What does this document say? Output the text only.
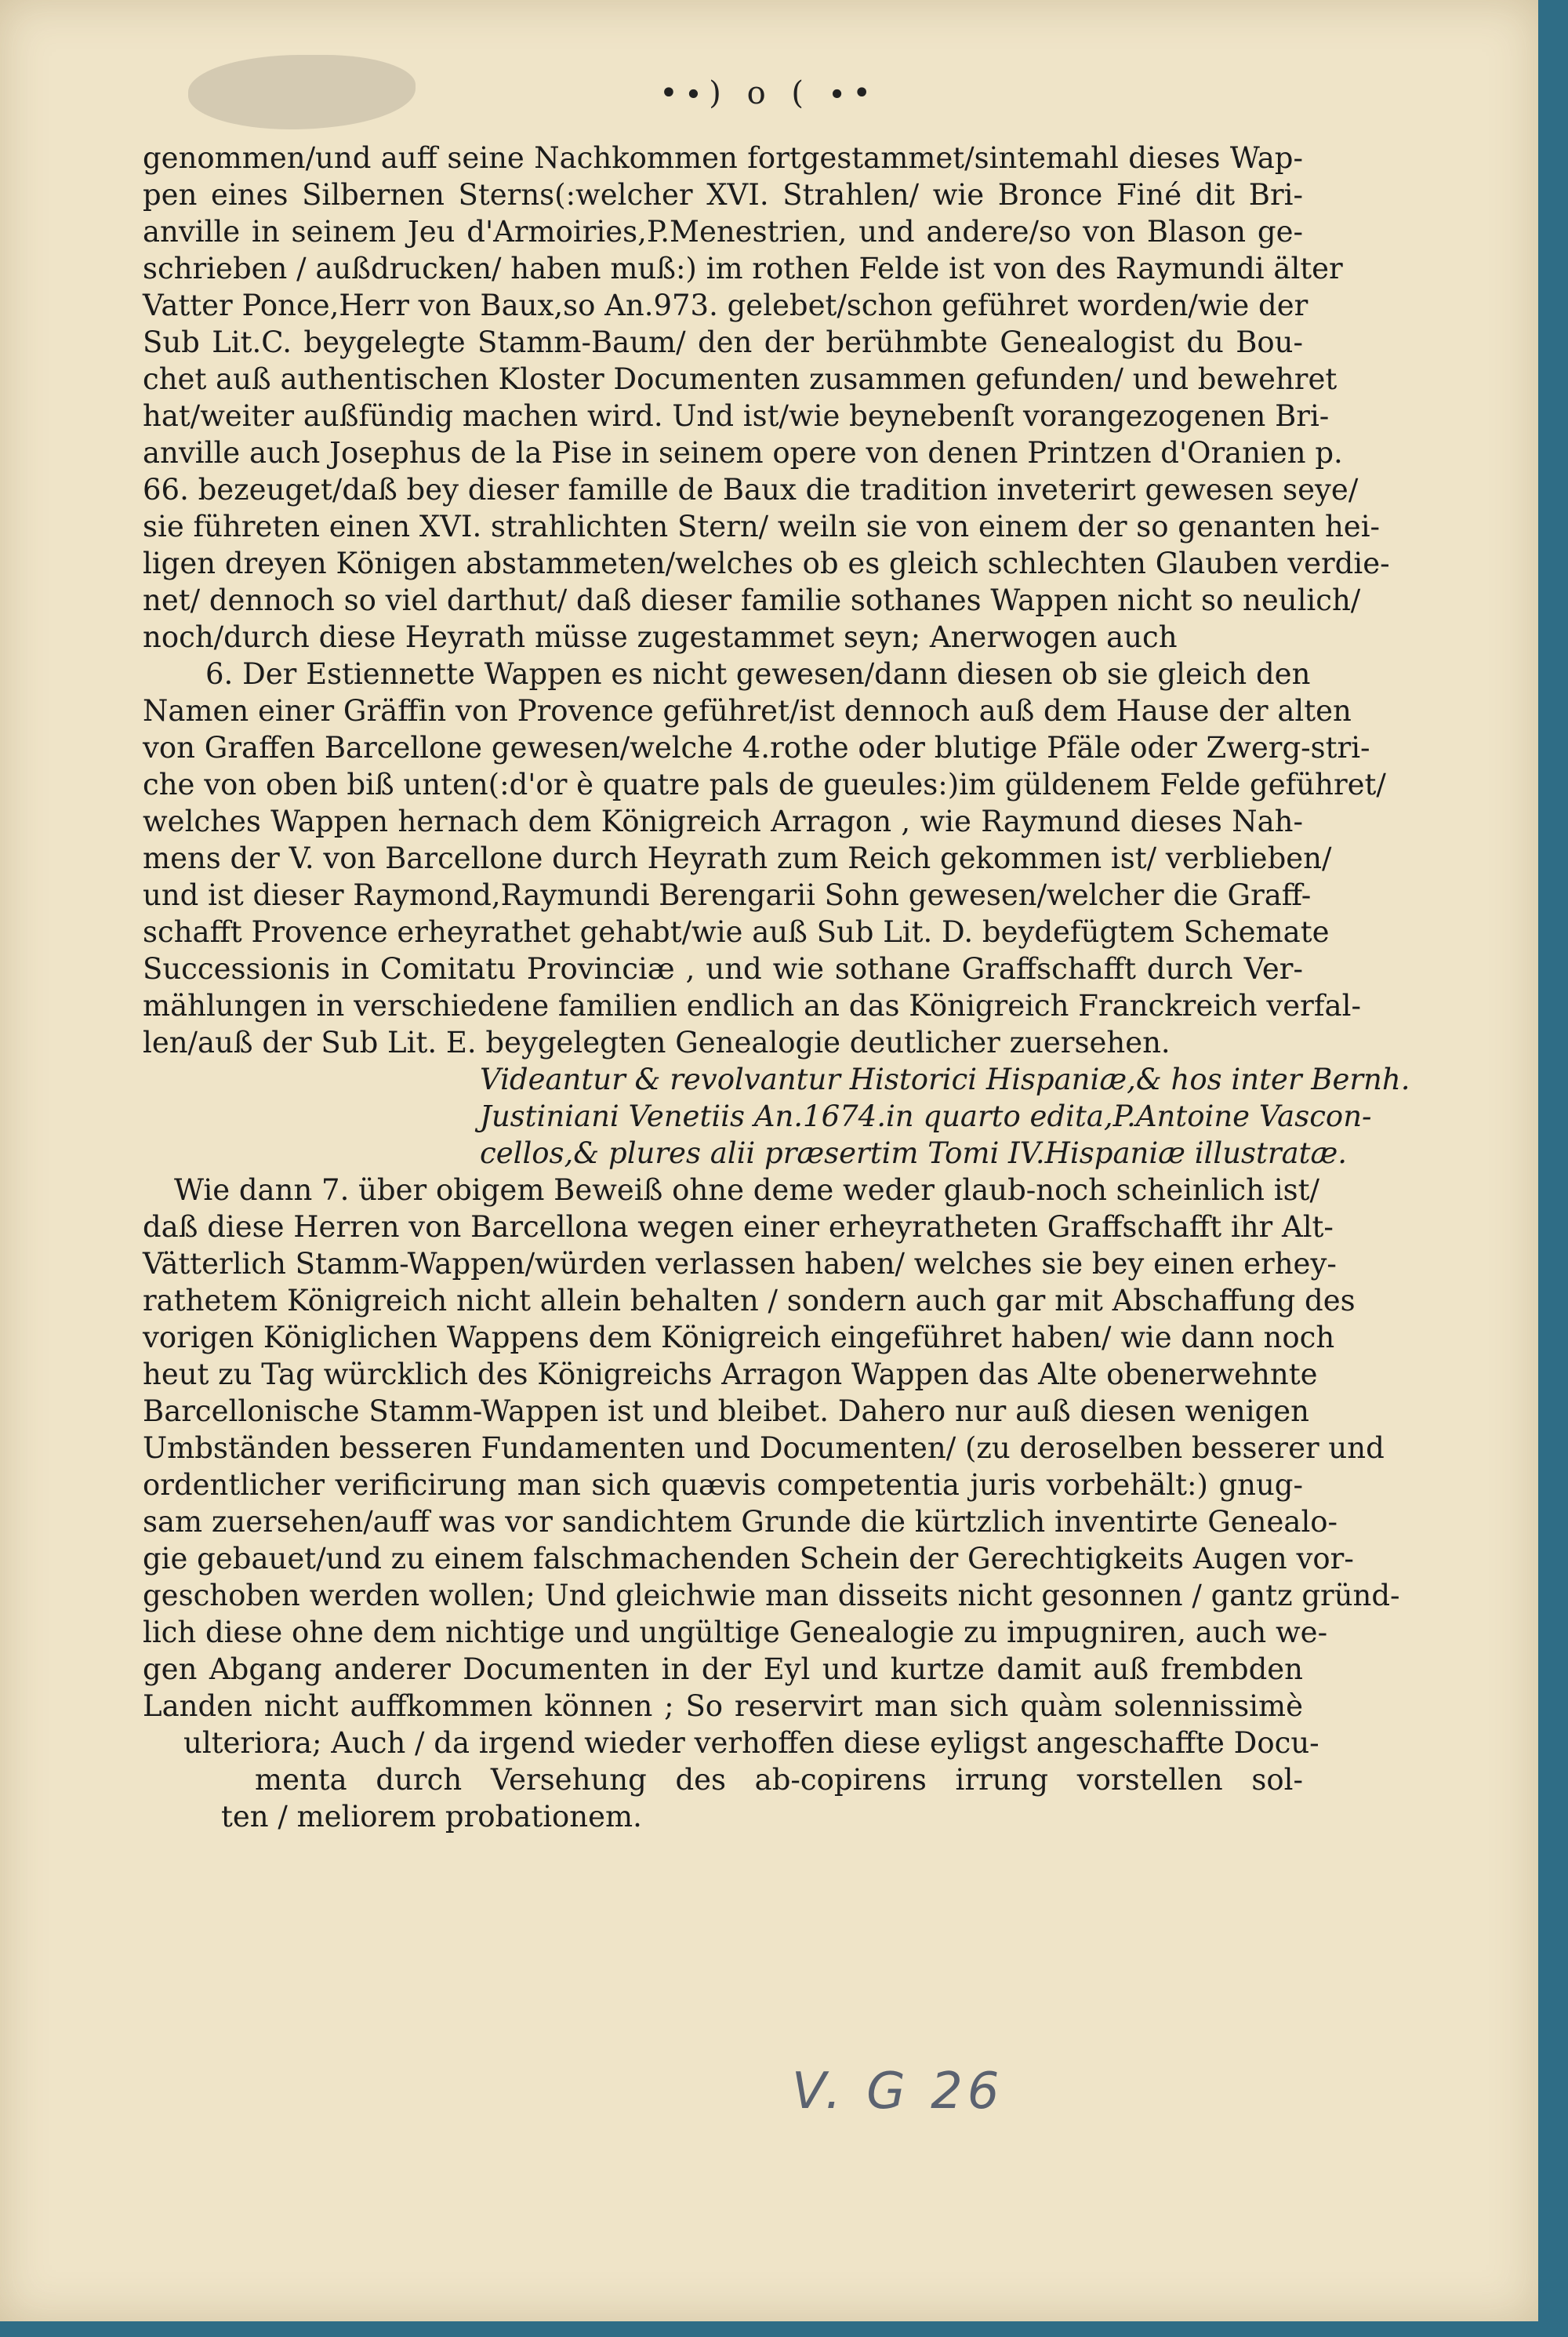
•∙) o ( ∙•
genommen/und auff seine Nachkommen fortgestammet/sintemahl dieses Wap-
pen eines Silbernen Sterns(:welcher XVI. Strahlen/ wie Bronce Finé dit Bri-
anville in seinem Jeu d'Armoiries,P.Menestrien, und andere/so von Blason ge-
schrieben / außdrucken/ haben muß:) im rothen Felde ist von des Raymundi älter
Vatter Ponce,Herr von Baux,so An.973. gelebet/schon geführet worden/wie der
Sub Lit.C. beygelegte Stamm-Baum/ den der berühmbte Genealogist du Bou-
chet auß authentischen Kloster Documenten zusammen gefunden/ und bewehret
hat/weiter außfündig machen wird. Und ist/wie beynebenſt vorangezogenen Bri-
anville auch Josephus de la Pise in seinem opere von denen Printzen d'Oranien p.
66. bezeuget/daß bey dieser famille de Baux die tradition inveterirt gewesen seye/
sie führeten einen XVI. strahlichten Stern/ weiln sie von einem der so genanten hei-
ligen dreyen Königen abstammeten/welches ob es gleich schlechten Glauben verdie-
net/ dennoch so viel darthut/ daß dieser familie sothanes Wappen nicht so neulich/
noch/durch diese Heyrath müsse zugestammet seyn; Anerwogen auch
6. Der Estiennette Wappen es nicht gewesen/dann diesen ob sie gleich den
Namen einer Gräffin von Provence geführet/ist dennoch auß dem Hause der alten
von Graffen Barcellone gewesen/welche 4.rothe oder blutige Pfäle oder Zwerg-stri-
che von oben biß unten(:d'or è quatre pals de gueules:)im güldenem Felde geführet/
welches Wappen hernach dem Königreich Arragon , wie Raymund dieses Nah-
mens der V. von Barcellone durch Heyrath zum Reich gekommen ist/ verblieben/
und ist dieser Raymond,Raymundi Berengarii Sohn gewesen/welcher die Graff-
schafft Provence erheyrathet gehabt/wie auß Sub Lit. D. beydefügtem Schemate
Successionis in Comitatu Provinciæ , und wie sothane Graffschafft durch Ver-
mählungen in verschiedene familien endlich an das Königreich Franckreich verfal-
len/auß der Sub Lit. E. beygelegten Genealogie deutlicher zuersehen.
Videantur & revolvantur Historici Hispaniæ,& hos inter Bernh.
Justiniani Venetiis An.1674.in quarto edita,P.Antoine Vascon-
cellos,& plures alii præsertim Tomi IV.Hispaniæ illustratæ.
Wie dann 7. über obigem Beweiß ohne deme weder glaub-noch scheinlich ist/
daß diese Herren von Barcellona wegen einer erheyratheten Graffschafft ihr Alt-
Vätterlich Stamm-Wappen/würden verlassen haben/ welches sie bey einen erhey-
rathetem Königreich nicht allein behalten / sondern auch gar mit Abschaffung des
vorigen Königlichen Wappens dem Königreich eingeführet haben/ wie dann noch
heut zu Tag würcklich des Königreichs Arragon Wappen das Alte obenerwehnte
Barcellonische Stamm-Wappen ist und bleibet. Dahero nur auß diesen wenigen
Umbständen besseren Fundamenten und Documenten/ (zu deroselben besserer und
ordentlicher verificirung man sich quævis competentia juris vorbehält:) gnug-
sam zuersehen/auff was vor sandichtem Grunde die kürtzlich inventirte Genealo-
gie gebauet/und zu einem falschmachenden Schein der Gerechtigkeits Augen vor-
geschoben werden wollen; Und gleichwie man disseits nicht gesonnen / gantz gründ-
lich diese ohne dem nichtige und ungültige Genealogie zu impugniren, auch we-
gen Abgang anderer Documenten in der Eyl und kurtze damit auß frembden
Landen nicht auffkommen können ; So reservirt man sich quàm solennissimè
ulteriora; Auch / da irgend wieder verhoffen diese eyligst angeschaffte Docu-
menta durch Versehung des ab-copirens irrung vorstellen sol-
ten / meliorem probationem.
V. G 26
